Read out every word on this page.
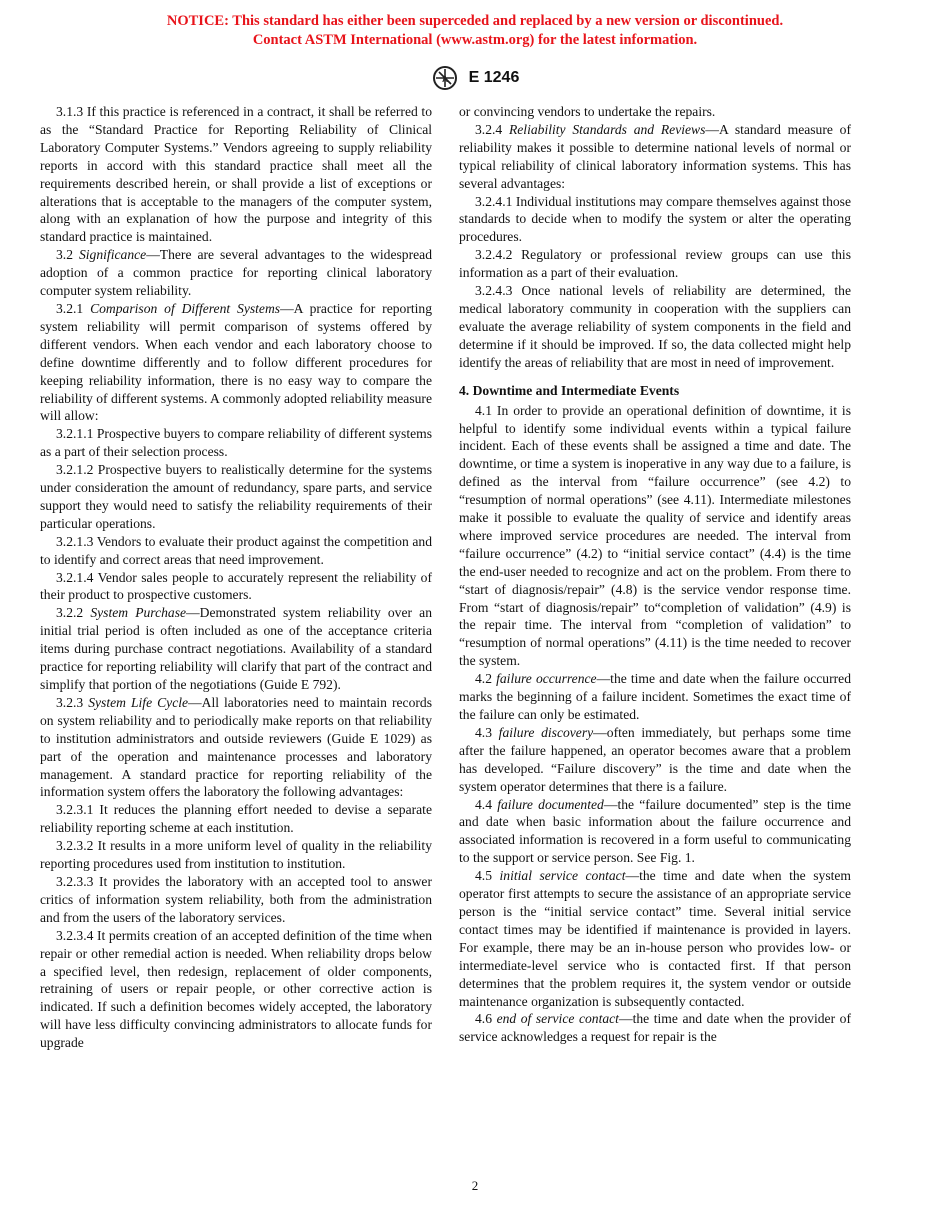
NOTICE: This standard has either been superceded and replaced by a new version or discontinued.
Contact ASTM International (www.astm.org) for the latest information.
A E 1246

3.1.3 If this practice is referenced in a contract, it shall be referred to as the “Standard Practice for Reporting Reliability of Clinical Laboratory Computer Systems.” Vendors agreeing to supply reliability reports in accord with this standard practice shall meet all the requirements described herein, or shall provide a list of exceptions or alterations that is acceptable to the managers of the computer system, along with an explanation of how the purpose and integrity of this standard practice is maintained.

3.2 Significance—There are several advantages to the widespread adoption of a common practice for reporting clinical laboratory computer system reliability.

3.2.1 Comparison of Different Systems—A practice for reporting system reliability will permit comparison of systems offered by different vendors. When each vendor and each laboratory choose to define downtime differently and to follow different procedures for keeping reliability information, there is no easy way to compare the reliability of different systems. A commonly adopted reliability measure will allow:

3.2.1.1 Prospective buyers to compare reliability of different systems as a part of their selection process.

3.2.1.2 Prospective buyers to realistically determine for the systems under consideration the amount of redundancy, spare parts, and service support they would need to satisfy the reliability requirements of their particular operations.

3.2.1.3 Vendors to evaluate their product against the competition and to identify and correct areas that need improvement.

3.2.1.4 Vendor sales people to accurately represent the reliability of their product to prospective customers.

3.2.2 System Purchase—Demonstrated system reliability over an initial trial period is often included as one of the acceptance criteria items during purchase contract negotiations. Availability of a standard practice for reporting reliability will clarify that part of the contract and simplify that portion of the negotiations (Guide E 792).

3.2.3 System Life Cycle—All laboratories need to maintain records on system reliability and to periodically make reports on that reliability to institution administrators and outside reviewers (Guide E 1029) as part of the operation and maintenance processes and laboratory management. A standard practice for reporting reliability of the information system offers the laboratory the following advantages:

3.2.3.1 It reduces the planning effort needed to devise a separate reliability reporting scheme at each institution.

3.2.3.2 It results in a more uniform level of quality in the reliability reporting procedures used from institution to institution.

3.2.3.3 It provides the laboratory with an accepted tool to answer critics of information system reliability, both from the administration and from the users of the laboratory services.

3.2.3.4 It permits creation of an accepted definition of the time when repair or other remedial action is needed. When reliability drops below a specified level, then redesign, replacement of older components, retraining of users or repair people, or other corrective action is indicated. If such a definition becomes widely accepted, the laboratory will have less difficulty convincing administrators to allocate funds for upgrade

or convincing vendors to undertake the repairs.

3.2.4 Reliability Standards and Reviews—A standard measure of reliability makes it possible to determine national levels of normal or typical reliability of clinical laboratory information systems. This has several advantages:

3.2.4.1 Individual institutions may compare themselves against those standards to decide when to modify the system or alter the operating procedures.

3.2.4.2 Regulatory or professional review groups can use this information as a part of their evaluation.

3.2.4.3 Once national levels of reliability are determined, the medical laboratory community in cooperation with the suppliers can evaluate the average reliability of system components in the field and determine if it should be improved. If so, the data collected might help identify the areas of reliability that are most in need of improvement.

4. Downtime and Intermediate Events

4.1 In order to provide an operational definition of downtime, it is helpful to identify some individual events within a typical failure incident. Each of these events shall be assigned a time and date. The downtime, or time a system is inoperative in any way due to a failure, is defined as the interval from “failure occurrence” (see 4.2) to “resumption of normal operations” (see 4.11). Intermediate milestones make it possible to evaluate the quality of service and identify areas where improved service procedures are needed. The interval from “failure occurrence” (4.2) to “initial service contact” (4.4) is the time the end-user needed to recognize and act on the problem. From there to “start of diagnosis/repair” (4.8) is the service vendor response time. From “start of diagnosis/repair” to“completion of validation” (4.9) is the repair time. The interval from “completion of validation” to “resumption of normal operations” (4.11) is the time needed to recover the system.

4.2 failure occurrence—the time and date when the failure occurred marks the beginning of a failure incident. Sometimes the exact time of the failure can only be estimated.

4.3 failure discovery—often immediately, but perhaps some time after the failure happened, an operator becomes aware that a problem has developed. “Failure discovery” is the time and date when the system operator determines that there is a failure.

4.4 failure documented—the “failure documented” step is the time and date when basic information about the failure occurrence and associated information is recovered in a form useful to communicating to the support or service person. See Fig. 1.

4.5 initial service contact—the time and date when the system operator first attempts to secure the assistance of an appropriate service person is the “initial service contact” time. Several initial service contact times may be identified if maintenance is provided in layers. For example, there may be an in-house person who provides low- or intermediate-level service who is contacted first. If that person determines that the problem requires it, the system vendor or outside maintenance organization is subsequently contacted.

4.6 end of service contact—the time and date when the provider of service acknowledges a request for repair is the

2
